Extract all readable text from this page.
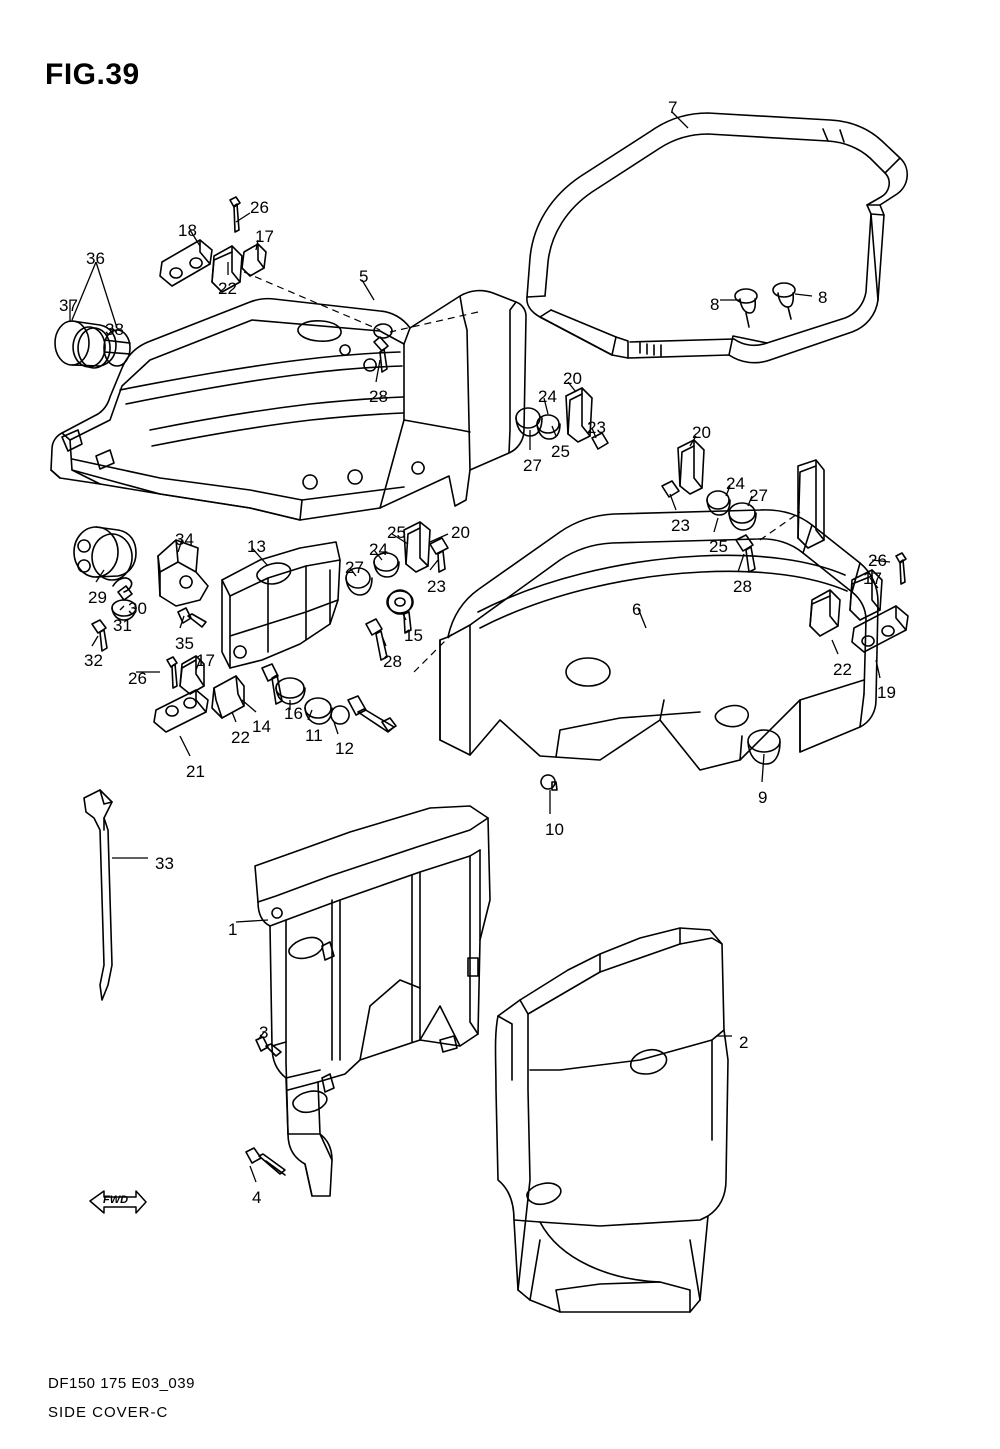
FIG.39
FWD
DF150 175 E03_039
SIDE COVER-C
7
26
18	17
36
5
37	8	8
22
38
28
20
24
23
27
25
20
24
27
23
25
28
26
17
34	13
25	20
24
27
23
29
30
31
35
32
15
28
6
17
26
16
14
22	11
12
21
22
19
9
10
33
1
2
3
4
